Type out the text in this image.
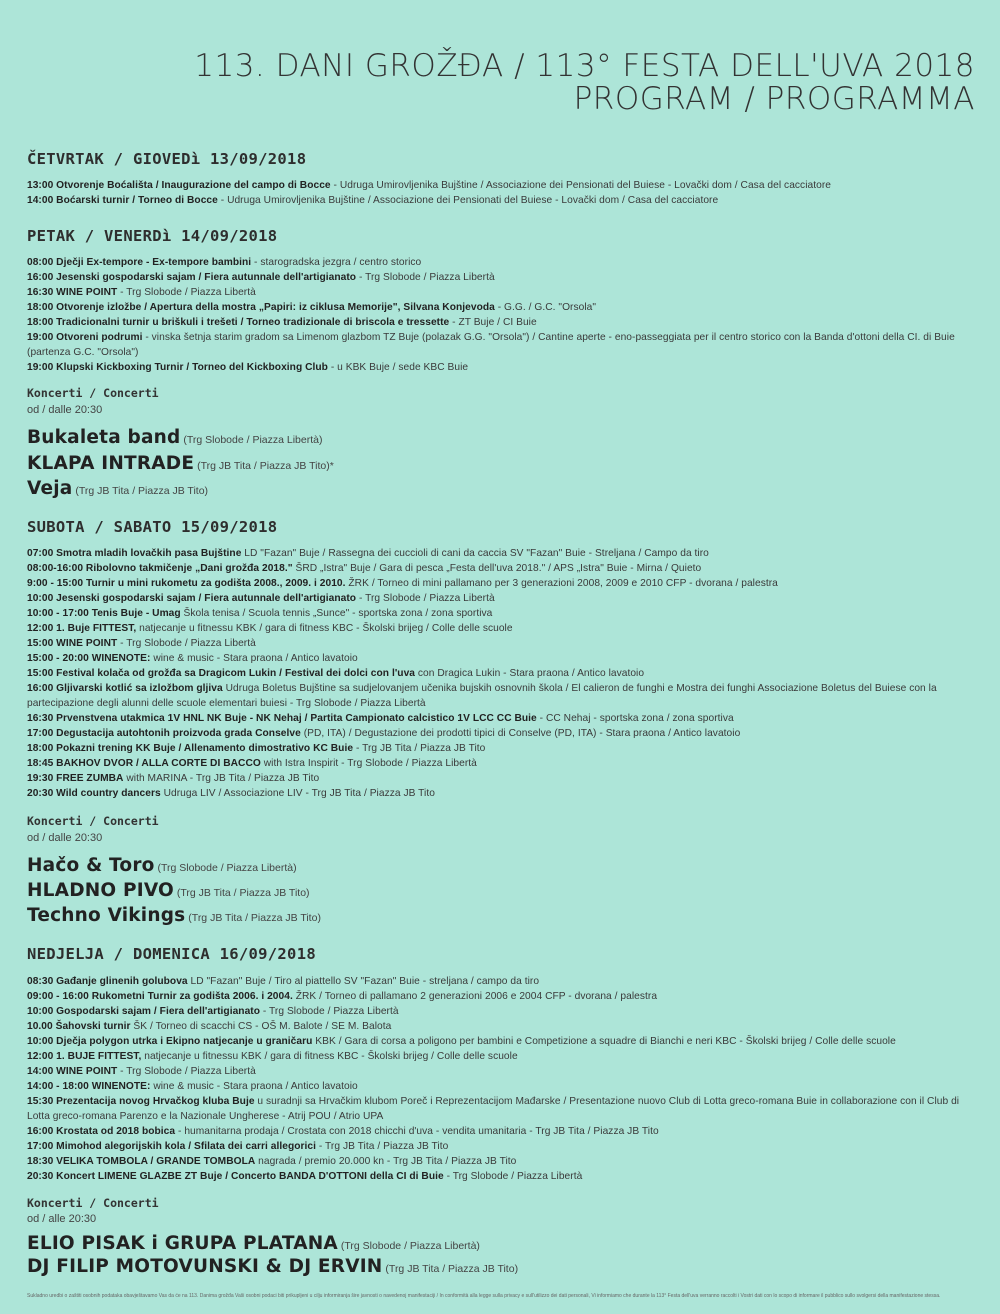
113. DANI GROŽĐA / 113° FESTA DELL'UVA 2018
PROGRAM / PROGRAMMA
ČETVRTAK / GIOVEDì 13/09/2018
13:00 Otvorenje Boćališta / Inaugurazione del campo di Bocce - Udruga Umirovljenika Bujštine / Associazione dei Pensionati del Buiese - Lovački dom / Casa del cacciatore
14:00 Boćarski turnir / Torneo di Bocce - Udruga Umirovljenika Bujštine / Associazione dei Pensionati del Buiese - Lovački dom / Casa del cacciatore
PETAK / VENERDì 14/09/2018
08:00 Dječji Ex-tempore - Ex-tempore bambini - starogradska jezgra / centro storico
16:00 Jesenski gospodarski sajam / Fiera autunnale dell'artigianato - Trg Slobode / Piazza Libertà
16:30 WINE POINT - Trg Slobode / Piazza Libertà
18:00 Otvorenje izložbe / Apertura della mostra „Papiri: iz ciklusa Memorije", Silvana Konjevoda - G.G. / G.C. "Orsola"
18:00 Tradicionalni turnir u briškuli i trešeti / Torneo tradizionale di briscola e tressette - ZT Buje / CI Buie
19:00 Otvoreni podrumi - vinska šetnja starim gradom sa Limenom glazbom TZ Buje (polazak G.G. "Orsola") / Cantine aperte - eno-passeggiata per il centro storico con la Banda d'ottoni della CI. di Buie (partenza G.C. "Orsola")
19:00 Klupski Kickboxing Turnir / Torneo del Kickboxing Club - u KBK Buje / sede KBC Buie
Koncerti / Concerti
od / dalle 20:30
Bukaleta band (Trg Slobode / Piazza Libertà)
KLAPA INTRADE (Trg JB Tita / Piazza JB Tito)*
Veja (Trg JB Tita / Piazza JB Tito)
SUBOTA / SABATO 15/09/2018
07:00 Smotra mladih lovačkih pasa Bujštine LD "Fazan" Buje / Rassegna dei cuccioli di cani da caccia SV "Fazan" Buie - Streljana / Campo da tiro
08:00-16:00 Ribolovno takmičenje „Dani grožđa 2018." ŠRD „Istra" Buje / Gara di pesca „Festa dell'uva 2018." / APS „Istra" Buie - Mirna / Quieto
9:00 - 15:00 Turnir u mini rukometu za godišta 2008., 2009. i 2010. ŽRK / Torneo di mini pallamano per 3 generazioni 2008, 2009 e 2010 CFP - dvorana / palestra
10:00 Jesenski gospodarski sajam / Fiera autunnale dell'artigianato - Trg Slobode / Piazza Libertà
10:00 - 17:00 Tenis Buje - Umag Škola tenisa / Scuola tennis „Sunce" - sportska zona / zona sportiva
12:00 1. Buje FITTEST, natjecanje u fitnessu KBK / gara di fitness KBC - Školski brijeg / Colle delle scuole
15:00 WINE POINT - Trg Slobode / Piazza Libertà
15:00 - 20:00 WINENOTE: wine & music - Stara praona / Antico lavatoio
15:00 Festival kolača od grožđa sa Dragicom Lukin / Festival dei dolci con l'uva con Dragica Lukin - Stara praona / Antico lavatoio
16:00 Gljivarski kotlić sa izložbom gljiva Udruga Boletus Bujštine sa sudjelovanjem učenika bujskih osnovnih škola / El calieron de funghi e Mostra dei funghi Associazione Boletus del Buiese con la partecipazione degli alunni delle scuole elementari buiesi - Trg Slobode / Piazza Libertà
16:30 Prvenstvena utakmica 1V HNL NK Buje - NK Nehaj / Partita Campionato calcistico 1V LCC CC Buie - CC Nehaj - sportska zona / zona sportiva
17:00 Degustacija autohtonih proizvoda grada Conselve (PD, ITA) / Degustazione dei prodotti tipici di Conselve (PD, ITA) - Stara praona / Antico lavatoio
18:00 Pokazni trening KK Buje / Allenamento dimostrativo KC Buie - Trg JB Tita / Piazza JB Tito
18:45 BAKHOV DVOR / ALLA CORTE DI BACCO with Istra Inspirit - Trg Slobode / Piazza Libertà
19:30 FREE ZUMBA with MARINA - Trg JB Tita / Piazza JB Tito
20:30 Wild country dancers Udruga LIV / Associazione LIV - Trg JB Tita / Piazza JB Tito
Koncerti / Concerti
od / dalle 20:30
Hačo & Toro (Trg Slobode / Piazza Libertà)
HLADNO PIVO (Trg JB Tita / Piazza JB Tito)
Techno Vikings (Trg JB Tita / Piazza JB Tito)
NEDJELJA / DOMENICA 16/09/2018
08:30 Gađanje glinenih golubova LD "Fazan" Buje / Tiro al piattello SV "Fazan" Buie - streljana / campo da tiro
09:00 - 16:00 Rukometni Turnir za godišta 2006. i 2004. ŽRK / Torneo di pallamano 2 generazioni 2006 e 2004 CFP - dvorana / palestra
10:00 Gospodarski sajam / Fiera dell'artigianato - Trg Slobode / Piazza Libertà
10.00 Šahovski turnir ŠK / Torneo di scacchi CS - OŠ M. Balote / SE M. Balota
10:00 Dječja polygon utrka i Ekipno natjecanje u graničaru KBK / Gara di corsa a poligono per bambini e Competizione a squadre di Bianchi e neri KBC - Školski brijeg / Colle delle scuole
12:00 1. BUJE FITTEST, natjecanje u fitnessu KBK / gara di fitness KBC - Školski brijeg / Colle delle scuole
14:00 WINE POINT - Trg Slobode / Piazza Libertà
14:00 - 18:00 WINENOTE: wine & music - Stara praona / Antico lavatoio
15:30 Prezentacija novog Hrvačkog kluba Buje u suradnji sa Hrvačkim klubom Poreč i Reprezentacijom Mađarske / Presentazione nuovo Club di Lotta greco-romana Buie in collaborazione con il Club di Lotta greco-romana Parenzo e la Nazionale Ungherese - Atrij POU / Atrio UPA
16:00 Krostata od 2018 bobica - humanitarna prodaja / Crostata con 2018 chicchi d'uva - vendita umanitaria - Trg JB Tita / Piazza JB Tito
17:00 Mimohod alegorijskih kola / Sfilata dei carri allegorici - Trg JB Tita / Piazza JB Tito
18:30 VELIKA TOMBOLA / GRANDE TOMBOLA nagrada / premio 20.000 kn - Trg JB Tita / Piazza JB Tito
20:30 Koncert LIMENE GLAZBE ZT Buje / Concerto BANDA D'OTTONI della CI di Buie - Trg Slobode / Piazza Libertà
Koncerti / Concerti
od / alle 20:30
ELIO PISAK i GRUPA PLATANA (Trg Slobode / Piazza Libertà)
DJ FILIP MOTOVUNSKI & DJ ERVIN (Trg JB Tita / Piazza JB Tito)
Sukladno uredbi o zaštiti osobnih podataka obavještavamo Vas da će na 113. Danima grožđa Vaši osobni podaci biti prikupljeni u cilju informiranja šire javnosti o navedenoj manifestaciji / In conformità alla legge sulla privacy e sull'utilizzo dei dati personali, Vi informiamo che durante la 113° Festa dell'uva verranno raccolti i Vostri dati con lo scopo di informare il pubblico sullo svolgersi della manifestazione stessa.
